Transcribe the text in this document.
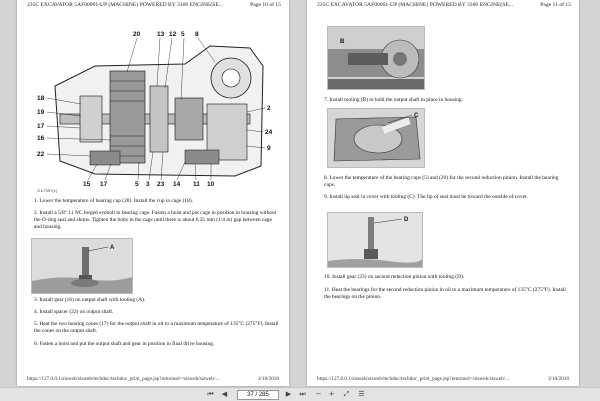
235C EXCAVATOR 5AF00001-UP (MACHINE) POWERED BY 3306 ENGINE(SE...	Page 10 of 15
20	13 12 5 8
18
19
17
16
22
15 17	5 3 23 14 11 10
2
24
9
G1/7097(1)

1. Lower the temperature of bearing cup (20). Install the cup in cage (18).

2. Install a 5/8".11 NC forged eyebolt in bearing cage. Fasten a hoist and put cage in position in housing without the O-ring seal and shims. Tighten the bolts in the cage until there is about 6.35 mm (1/4 in) gap between cage and housing.

A

3. Install gear (16) on output shaft with tooling (A).

4. Install spacer (22) on output shaft.

5. Heat the two bearing cones (17) for the output shaft in oil to a maximum temperature of 135°C (275°F). Install the cones on the output shaft.

6. Fasten a hoist and put the output shaft and gear in position in final drive housing.

https://127.0.0.1/sisweb/sisweb/techdoc/techdoc_print_page.jsp?returnurl=/sisweb/sisweb/...	3/10/2018
235C EXCAVATOR 5AF00001-UP (MACHINE) POWERED BY 3306 ENGINE(SE...	Page 11 of 15
B

7. Install tooling (B) to hold the output shaft in place in housing.

C

8. Lower the temperature of the bearing cups (5) and (20) for the second reduction pinion. Install the bearing cups.

9. Install lip seal in cover with tooling (C). The lip of seal must be toward the outside of cover.

D

10. Install gear (23) on second reduction pinion with tooling (D).

11. Heat the bearings for the second reduction pinion in oil to a maximum temperature of 135°C (275°F). Install the bearings on the pinion.

https://127.0.0.1/sisweb/sisweb/techdoc/techdoc_print_page.jsp?returnurl=/sisweb/sisweb/...	3/10/2018
⏮	◀
37 / 285	▶	⏭	−	+	⤢	☰
